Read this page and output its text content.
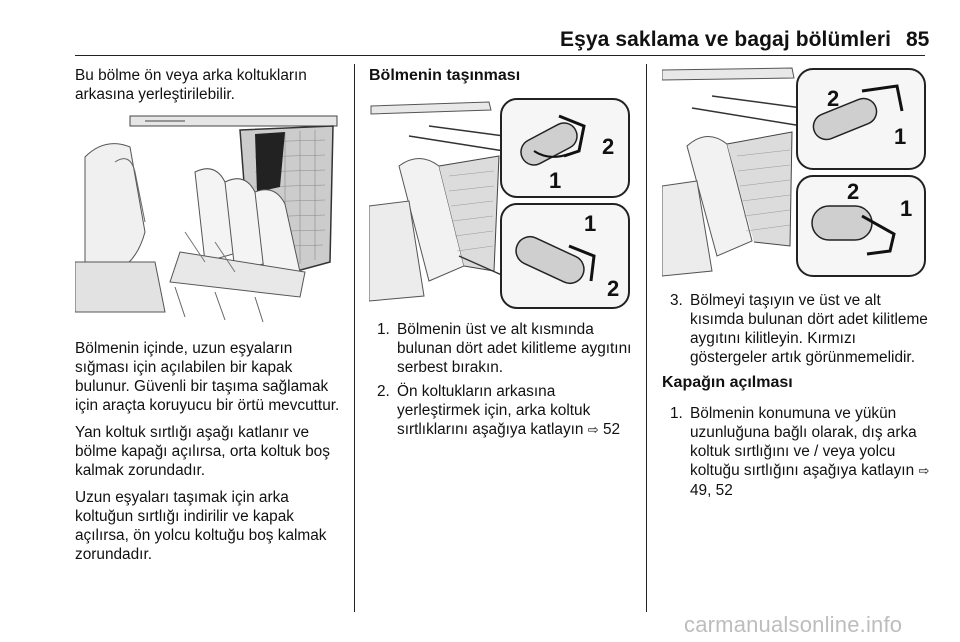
Eşya saklama ve bagaj bölümleri 85

Bu bölme ön veya arka koltukların arkasına yerleştirilebilir.

Bölmenin içinde, uzun eşyaların sığması için açılabilen bir kapak bulunur. Güvenli bir taşıma sağlamak için araçta koruyucu bir örtü mevcuttur.

Yan koltuk sırtlığı aşağı katlanır ve bölme kapağı açılırsa, orta koltuk boş kalmak zorundadır.

Uzun eşyaları taşımak için arka koltuğun sırtlığı indirilir ve kapak açılırsa, ön yolcu koltuğu boş kalmak zorundadır.

Bölmenin taşınması
2
1
1
2
1. Bölmenin üst ve alt kısmında bulunan dört adet kilitleme aygıtını serbest bırakın.
2. Ön koltukların arkasına yerleştirmek için, arka koltuk sırtlıklarını aşağıya katlayın ⇨ 52
2
1
2
1
3. Bölmeyi taşıyın ve üst ve alt kısımda bulunan dört adet kilitleme aygıtını kilitleyin. Kırmızı göstergeler artık görünmemelidir.
Kapağın açılması
1. Bölmenin konumuna ve yükün uzunluğuna bağlı olarak, dış arka koltuk sırtlığını ve / veya yolcu koltuğu sırtlığını aşağıya katlayın ⇨ 49, 52
carmanualsonline.info
